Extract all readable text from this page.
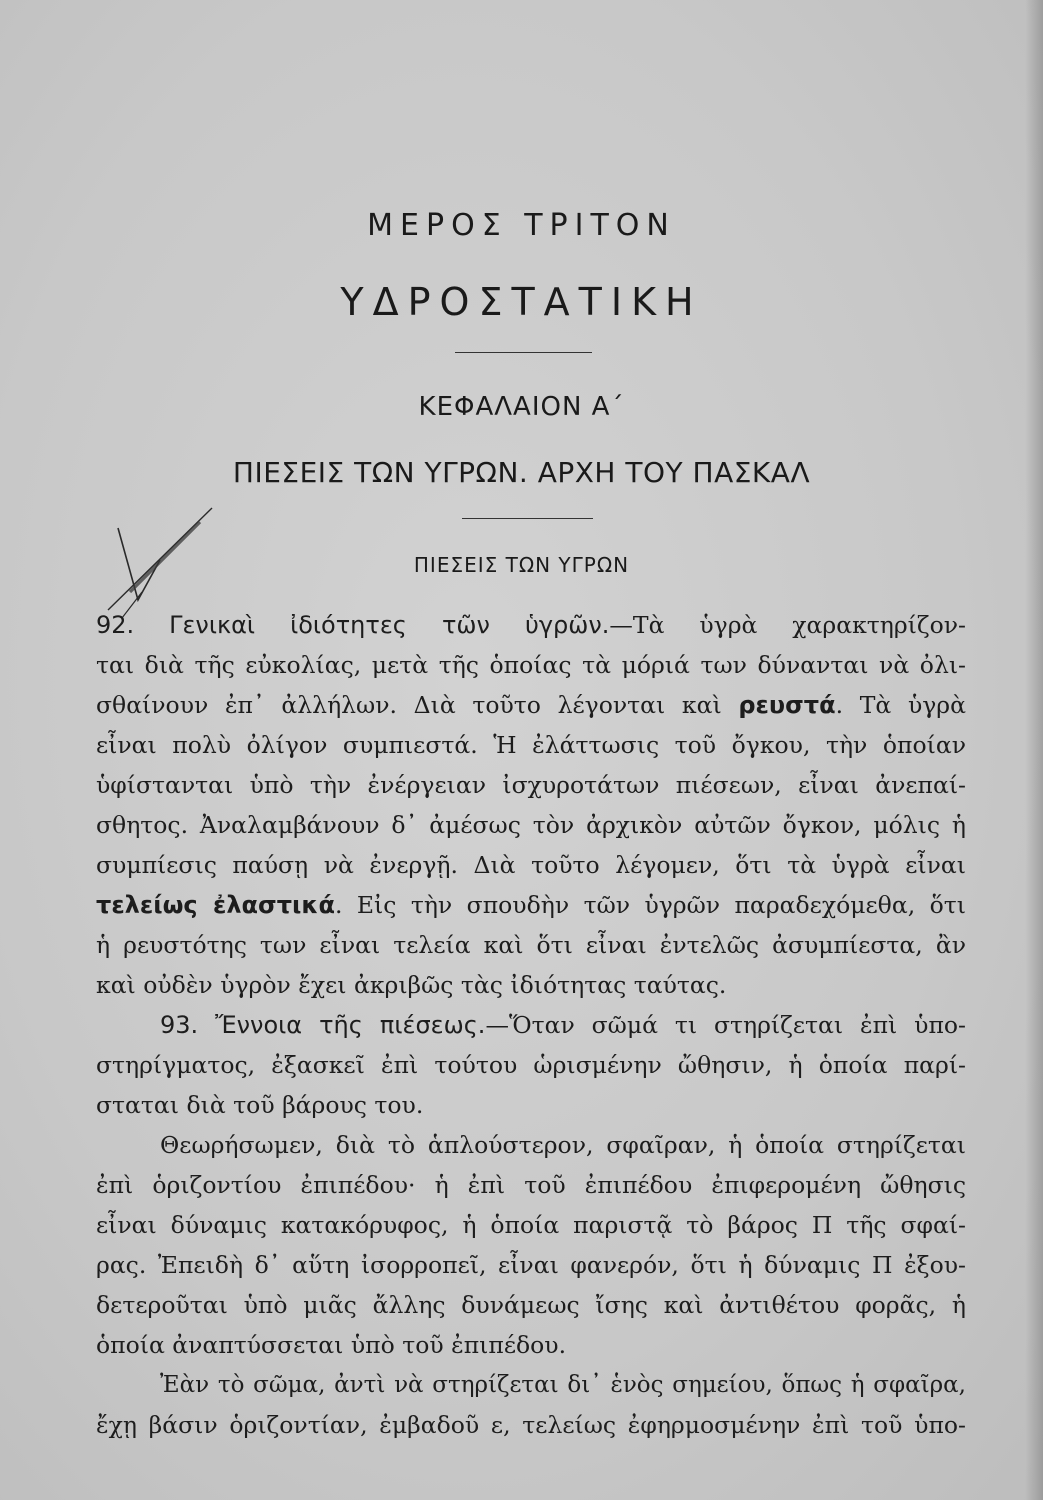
ΜΕΡΟΣ ΤΡΙΤΟΝ
ΥΔΡΟΣΤΑΤΙΚΗ
ΚΕΦΑΛΑΙΟΝ Α΄
ΠΙΕΣΕΙΣ ΤΩΝ ΥΓΡΩΝ. ΑΡΧΗ ΤΟΥ ΠΑΣΚΑΛ
ΠΙΕΣΕΙΣ ΤΩΝ ΥΓΡΩΝ
92. Γενικαὶ ἰδιότητες τῶν ὑγρῶν.—Τὰ ὑγρὰ χαρακτηρίζον-
ται διὰ τῆς εὐκολίας, μετὰ τῆς ὁποίας τὰ μόριά των δύνανται νὰ ὀλι-
σθαίνουν ἐπ᾿ ἀλλήλων. Διὰ τοῦτο λέγονται καὶ ρευστά. Τὰ ὑγρὰ
εἶναι πολὺ ὀλίγον συμπιεστά. Ἡ ἐλάττωσις τοῦ ὄγκου, τὴν ὁποίαν
ὑφίστανται ὑπὸ τὴν ἐνέργειαν ἰσχυροτάτων πιέσεων, εἶναι ἀνεπαί-
σθητος. Ἀναλαμβάνουν δ᾿ ἀμέσως τὸν ἀρχικὸν αὐτῶν ὄγκον, μόλις ἡ
συμπίεσις παύσῃ νὰ ἐνεργῇ. Διὰ τοῦτο λέγομεν, ὅτι τὰ ὑγρὰ εἶναι
τελείως ἐλαστικά. Εἰς τὴν σπουδὴν τῶν ὑγρῶν παραδεχόμεθα, ὅτι
ἡ ρευστότης των εἶναι τελεία καὶ ὅτι εἶναι ἐντελῶς ἀσυμπίεστα, ἂν
καὶ οὐδὲν ὑγρὸν ἔχει ἀκριβῶς τὰς ἰδιότητας ταύτας.
93. Ἔννοια τῆς πιέσεως.—Ὅταν σῶμά τι στηρίζεται ἐπὶ ὑπο-
στηρίγματος, ἐξασκεῖ ἐπὶ τούτου ὡρισμένην ὤθησιν, ἡ ὁποία παρί-
σταται διὰ τοῦ βάρους του.
Θεωρήσωμεν, διὰ τὸ ἁπλούστερον, σφαῖραν, ἡ ὁποία στηρίζεται
ἐπὶ ὁριζοντίου ἐπιπέδου· ἡ ἐπὶ τοῦ ἐπιπέδου ἐπιφερομένη ὤθησις
εἶναι δύναμις κατακόρυφος, ἡ ὁποία παριστᾷ τὸ βάρος Π τῆς σφαί-
ρας. Ἐπειδὴ δ᾿ αὕτη ἰσορροπεῖ, εἶναι φανερόν, ὅτι ἡ δύναμις Π ἐξου-
δετεροῦται ὑπὸ μιᾶς ἄλλης δυνάμεως ἴσης καὶ ἀντιθέτου φορᾶς, ἡ
ὁποία ἀναπτύσσεται ὑπὸ τοῦ ἐπιπέδου.
Ἐὰν τὸ σῶμα, ἀντὶ νὰ στηρίζεται δι᾿ ἑνὸς σημείου, ὅπως ἡ σφαῖρα,
ἔχῃ βάσιν ὁριζοντίαν, ἐμβαδοῦ ε, τελείως ἐφηρμοσμένην ἐπὶ τοῦ ὑπο-
